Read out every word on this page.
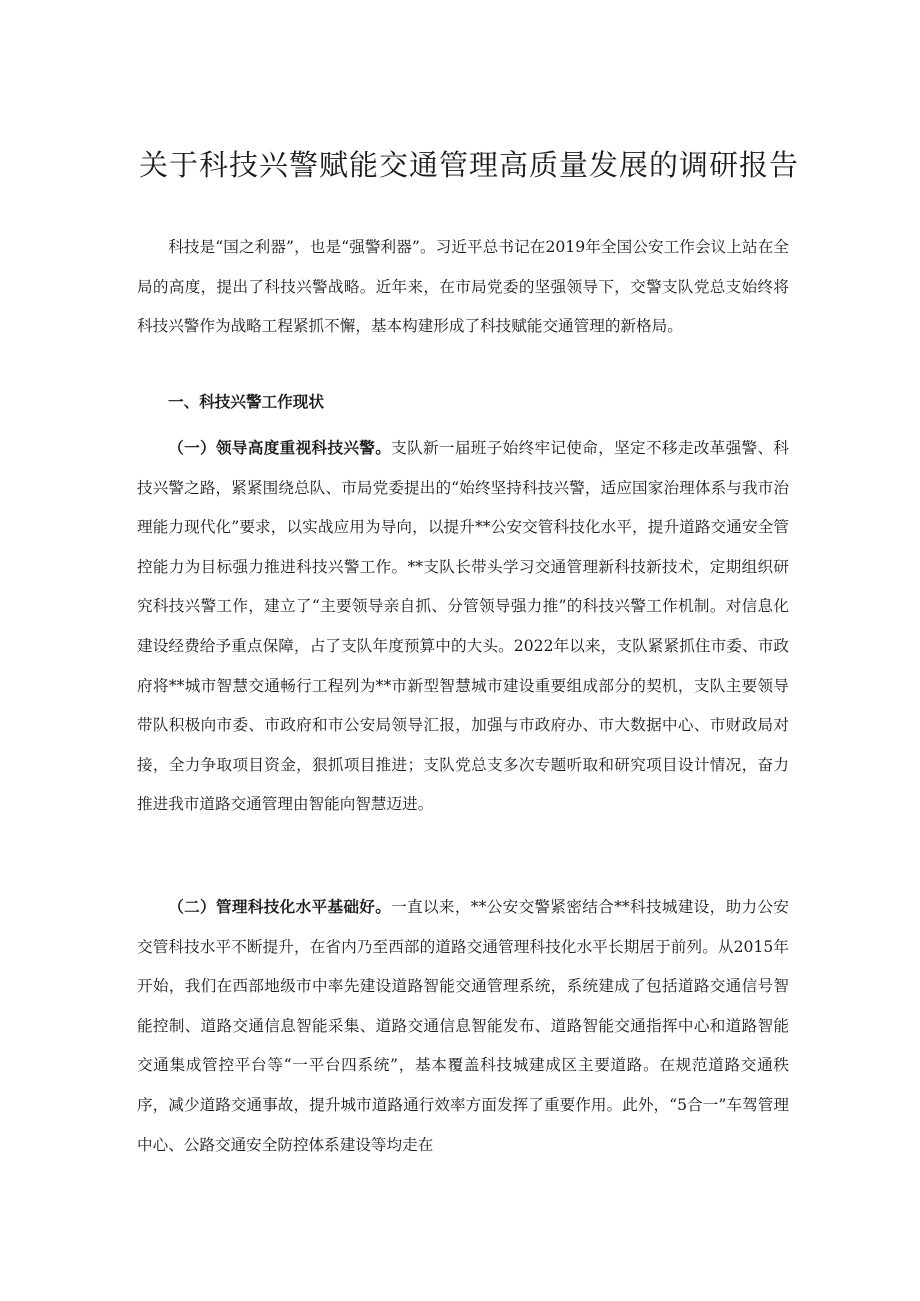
关于科技兴警赋能交通管理高质量发展的调研报告

科技是“国之利器”，也是“强警利器”。习近平总书记在2019年全国公安工作会议上站在全局的高度，提出了科技兴警战略。近年来，在市局党委的坚强领导下，交警支队党总支始终将科技兴警作为战略工程紧抓不懈，基本构建形成了科技赋能交通管理的新格局。

一、科技兴警工作现状

（一）领导高度重视科技兴警。支队新一届班子始终牢记使命，坚定不移走改革强警、科技兴警之路，紧紧围绕总队、市局党委提出的“始终坚持科技兴警，适应国家治理体系与我市治理能力现代化”要求，以实战应用为导向，以提升**公安交管科技化水平，提升道路交通安全管控能力为目标强力推进科技兴警工作。**支队长带头学习交通管理新科技新技术，定期组织研究科技兴警工作，建立了“主要领导亲自抓、分管领导强力推”的科技兴警工作机制。对信息化建设经费给予重点保障，占了支队年度预算中的大头。2022年以来，支队紧紧抓住市委、市政府将**城市智慧交通畅行工程列为**市新型智慧城市建设重要组成部分的契机，支队主要领导带队积极向市委、市政府和市公安局领导汇报，加强与市政府办、市大数据中心、市财政局对接，全力争取项目资金，狠抓项目推进；支队党总支多次专题听取和研究项目设计情况，奋力推进我市道路交通管理由智能向智慧迈进。

（二）管理科技化水平基础好。一直以来，**公安交警紧密结合**科技城建设，助力公安交管科技水平不断提升，在省内乃至西部的道路交通管理科技化水平长期居于前列。从2015年开始，我们在西部地级市中率先建设道路智能交通管理系统，系统建成了包括道路交通信号智能控制、道路交通信息智能采集、道路交通信息智能发布、道路智能交通指挥中心和道路智能交通集成管控平台等“一平台四系统”，基本覆盖科技城建成区主要道路。在规范道路交通秩序，减少道路交通事故，提升城市道路通行效率方面发挥了重要作用。此外，“5合一”车驾管理中心、公路交通安全防控体系建设等均走在
